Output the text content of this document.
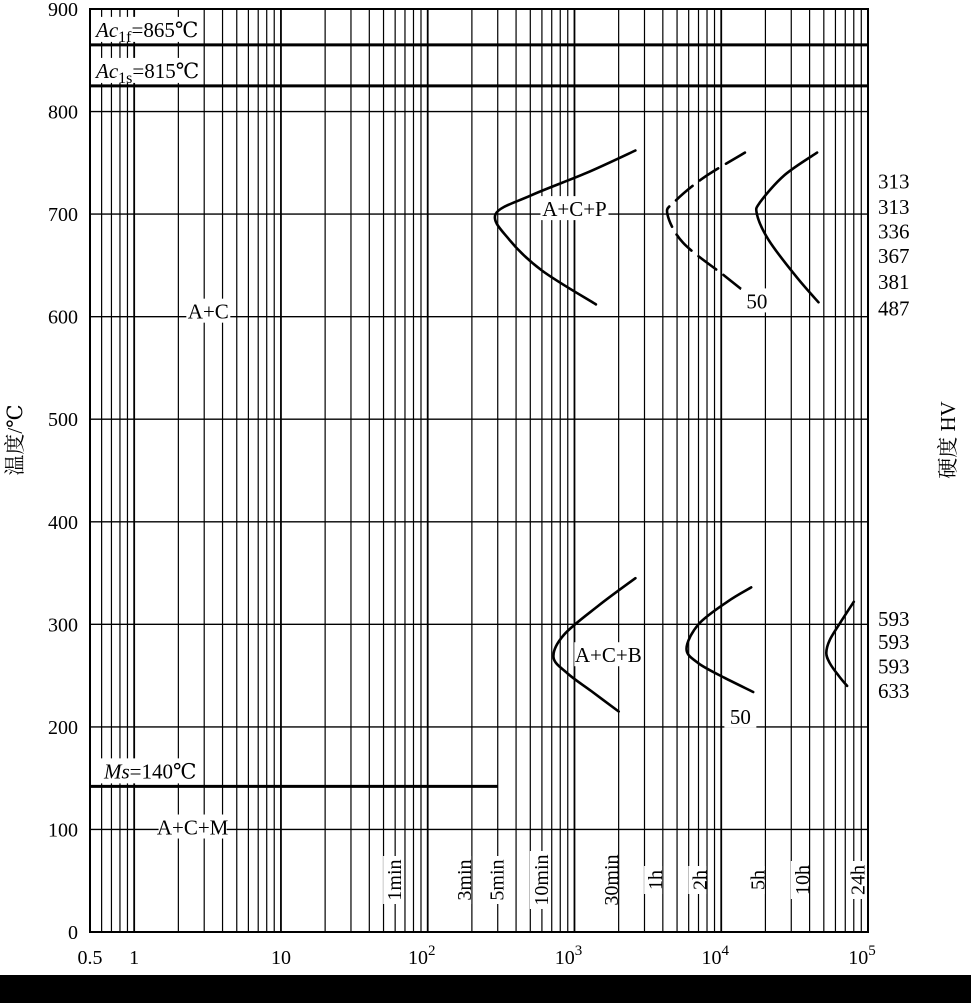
$Ac_{1f}=865℃$
$Ac_{1s}=815℃$
Ms=140℃
1min 3min 5min 10min 30min 1h 2h 5h 10h 24h
A+C
A+C+P
A+C+B
A+C+M
50
50
313
313
336
367
381
487
593
593
593
633
0
100
200
300
400
500
600
700
800
900
0.5 1	10	$10^2$	$10^3$	$10^4$	$10^5$
温度/℃	硬度 HV
